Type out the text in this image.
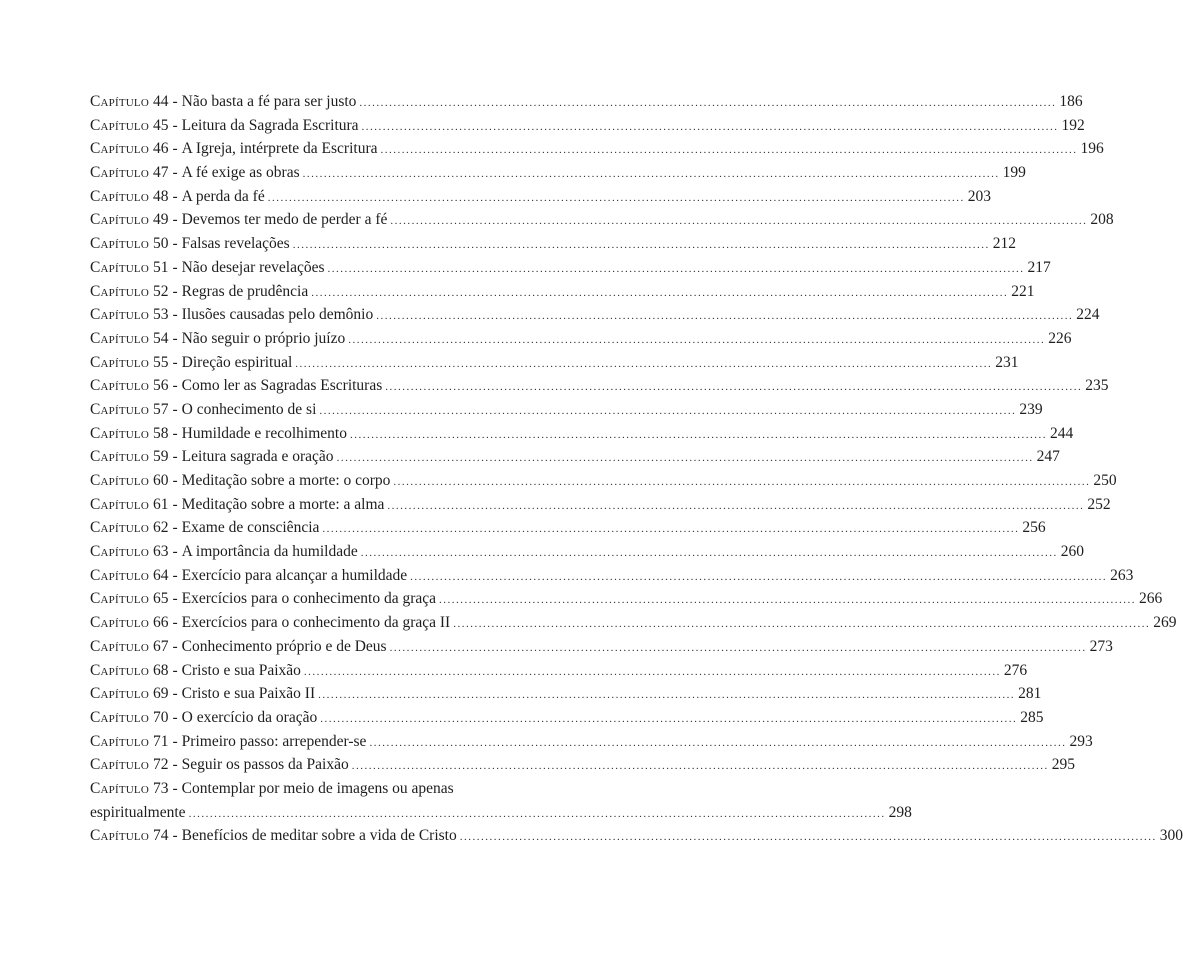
Capítulo 44 - Não basta a fé para ser justo .....	186
Capítulo 45 - Leitura da Sagrada Escritura .....	192
Capítulo 46 - A Igreja, intérprete da Escritura .....	196
Capítulo 47 - A fé exige as obras .....	199
Capítulo 48 - A perda da fé .....	203
Capítulo 49 - Devemos ter medo de perder a fé .....	208
Capítulo 50 - Falsas revelações .....	212
Capítulo 51 - Não desejar revelações .....	217
Capítulo 52 - Regras de prudência .....	221
Capítulo 53 - Ilusões causadas pelo demônio .....	224
Capítulo 54 - Não seguir o próprio juízo .....	226
Capítulo 55 - Direção espiritual .....	231
Capítulo 56 - Como ler as Sagradas Escrituras .....	235
Capítulo 57 - O conhecimento de si .....	239
Capítulo 58 - Humildade e recolhimento .....	244
Capítulo 59 - Leitura sagrada e oração .....	247
Capítulo 60 - Meditação sobre a morte: o corpo .....	250
Capítulo 61 - Meditação sobre a morte: a alma .....	252
Capítulo 62 - Exame de consciência .....	256
Capítulo 63 - A importância da humildade .....	260
Capítulo 64 - Exercício para alcançar a humildade .....	263
Capítulo 65 - Exercícios para o conhecimento da graça .....	266
Capítulo 66 - Exercícios para o conhecimento da graça II .....	269
Capítulo 67 - Conhecimento próprio e de Deus .....	273
Capítulo 68 - Cristo e sua Paixão .....	276
Capítulo 69 - Cristo e sua Paixão II .....	281
Capítulo 70 - O exercício da oração .....	285
Capítulo 71 - Primeiro passo: arrepender-se .....	293
Capítulo 72 - Seguir os passos da Paixão .....	295
Capítulo 73 - Contemplar por meio de imagens ou apenas
espiritualmente .....	298
Capítulo 74 - Benefícios de meditar sobre a vida de Cristo .....	300
